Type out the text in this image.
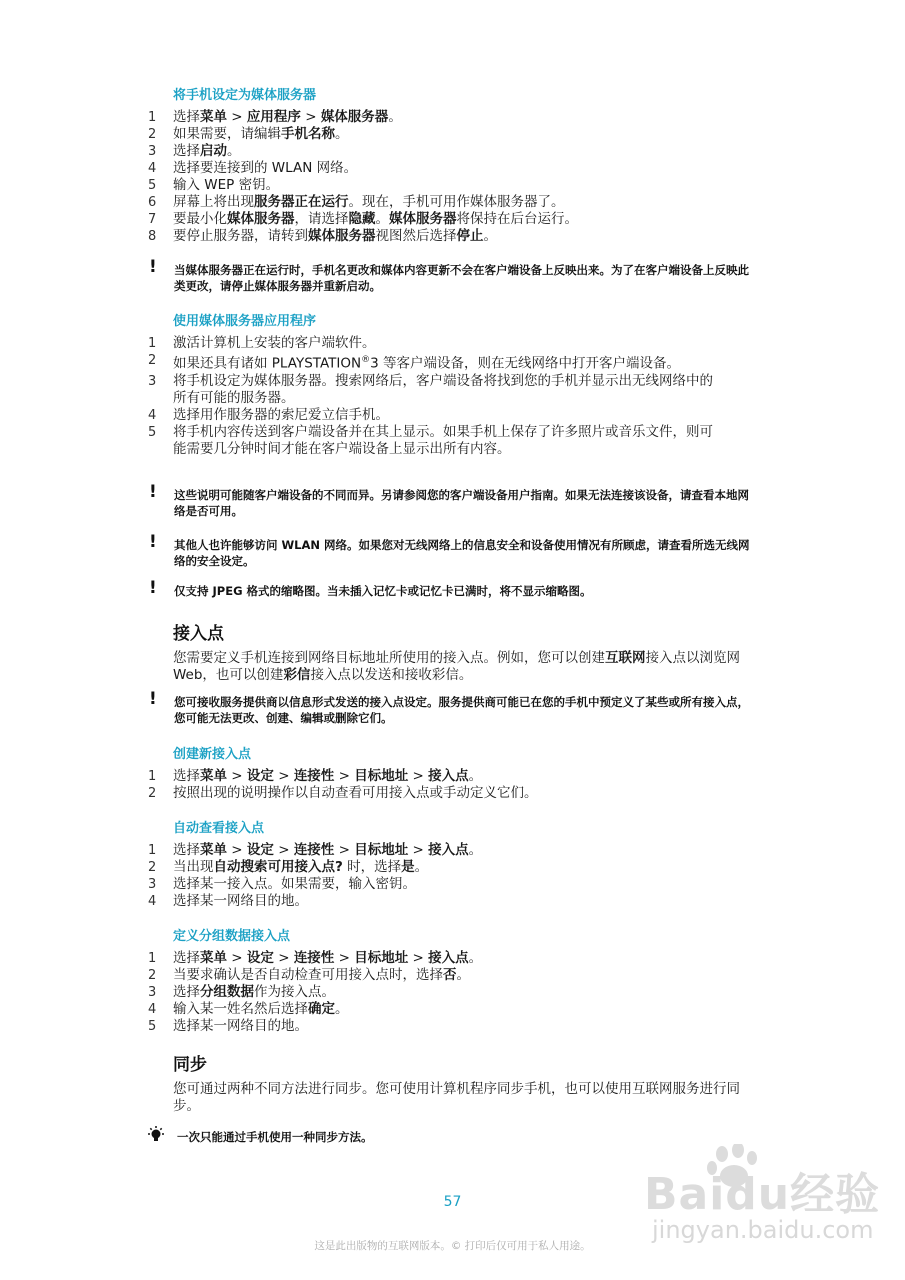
将手机设定为媒体服务器
1 选择菜单 > 应用程序 > 媒体服务器。
2 如果需要，请编辑手机名称。
3 选择启动。
4 选择要连接到的 WLAN 网络。
5 输入 WEP 密钥。
6 屏幕上将出现服务器正在运行。现在，手机可用作媒体服务器了。
7 要最小化媒体服务器，请选择隐藏。媒体服务器将保持在后台运行。
8 要停止服务器，请转到媒体服务器视图然后选择停止。
!	当媒体服务器正在运行时，手机名更改和媒体内容更新不会在客户端设备上反映出来。为了在客户端设备上反映此类更改，请停止媒体服务器并重新启动。
使用媒体服务器应用程序
1 激活计算机上安装的客户端软件。
2 如果还具有诸如 PLAYSTATION®3 等客户端设备，则在无线网络中打开客户端设备。
3 将手机设定为媒体服务器。搜索网络后，客户端设备将找到您的手机并显示出无线网络中的所有可能的服务器。
4 选择用作服务器的索尼爱立信手机。
5 将手机内容传送到客户端设备并在其上显示。如果手机上保存了许多照片或音乐文件，则可能需要几分钟时间才能在客户端设备上显示出所有内容。
!	这些说明可能随客户端设备的不同而异。另请参阅您的客户端设备用户指南。如果无法连接该设备，请查看本地网络是否可用。
!	其他人也许能够访问 WLAN 网络。如果您对无线网络上的信息安全和设备使用情况有所顾虑，请查看所选无线网络的安全设定。
!	仅支持 JPEG 格式的缩略图。当未插入记忆卡或记忆卡已满时，将不显示缩略图。
接入点
您需要定义手机连接到网络目标地址所使用的接入点。例如，您可以创建互联网接入点以浏览网 Web，也可以创建彩信接入点以发送和接收彩信。
!	您可接收服务提供商以信息形式发送的接入点设定。服务提供商可能已在您的手机中预定义了某些或所有接入点，您可能无法更改、创建、编辑或删除它们。
创建新接入点
1 选择菜单 > 设定 > 连接性 > 目标地址 > 接入点。
2 按照出现的说明操作以自动查看可用接入点或手动定义它们。
自动查看接入点
1 选择菜单 > 设定 > 连接性 > 目标地址 > 接入点。
2 当出现自动搜索可用接入点? 时，选择是。
3 选择某一接入点。如果需要，输入密钥。
4 选择某一网络目的地。
定义分组数据接入点
1 选择菜单 > 设定 > 连接性 > 目标地址 > 接入点。
2 当要求确认是否自动检查可用接入点时，选择否。
3 选择分组数据作为接入点。
4 输入某一姓名然后选择确定。
5 选择某一网络目的地。
同步
您可通过两种不同方法进行同步。您可使用计算机程序同步手机，也可以使用互联网服务进行同步。
一次只能通过手机使用一种同步方法。
57
这是此出版物的互联网版本。© 打印后仅可用于私人用途。
Baidu经验
jingyan.baidu.com
